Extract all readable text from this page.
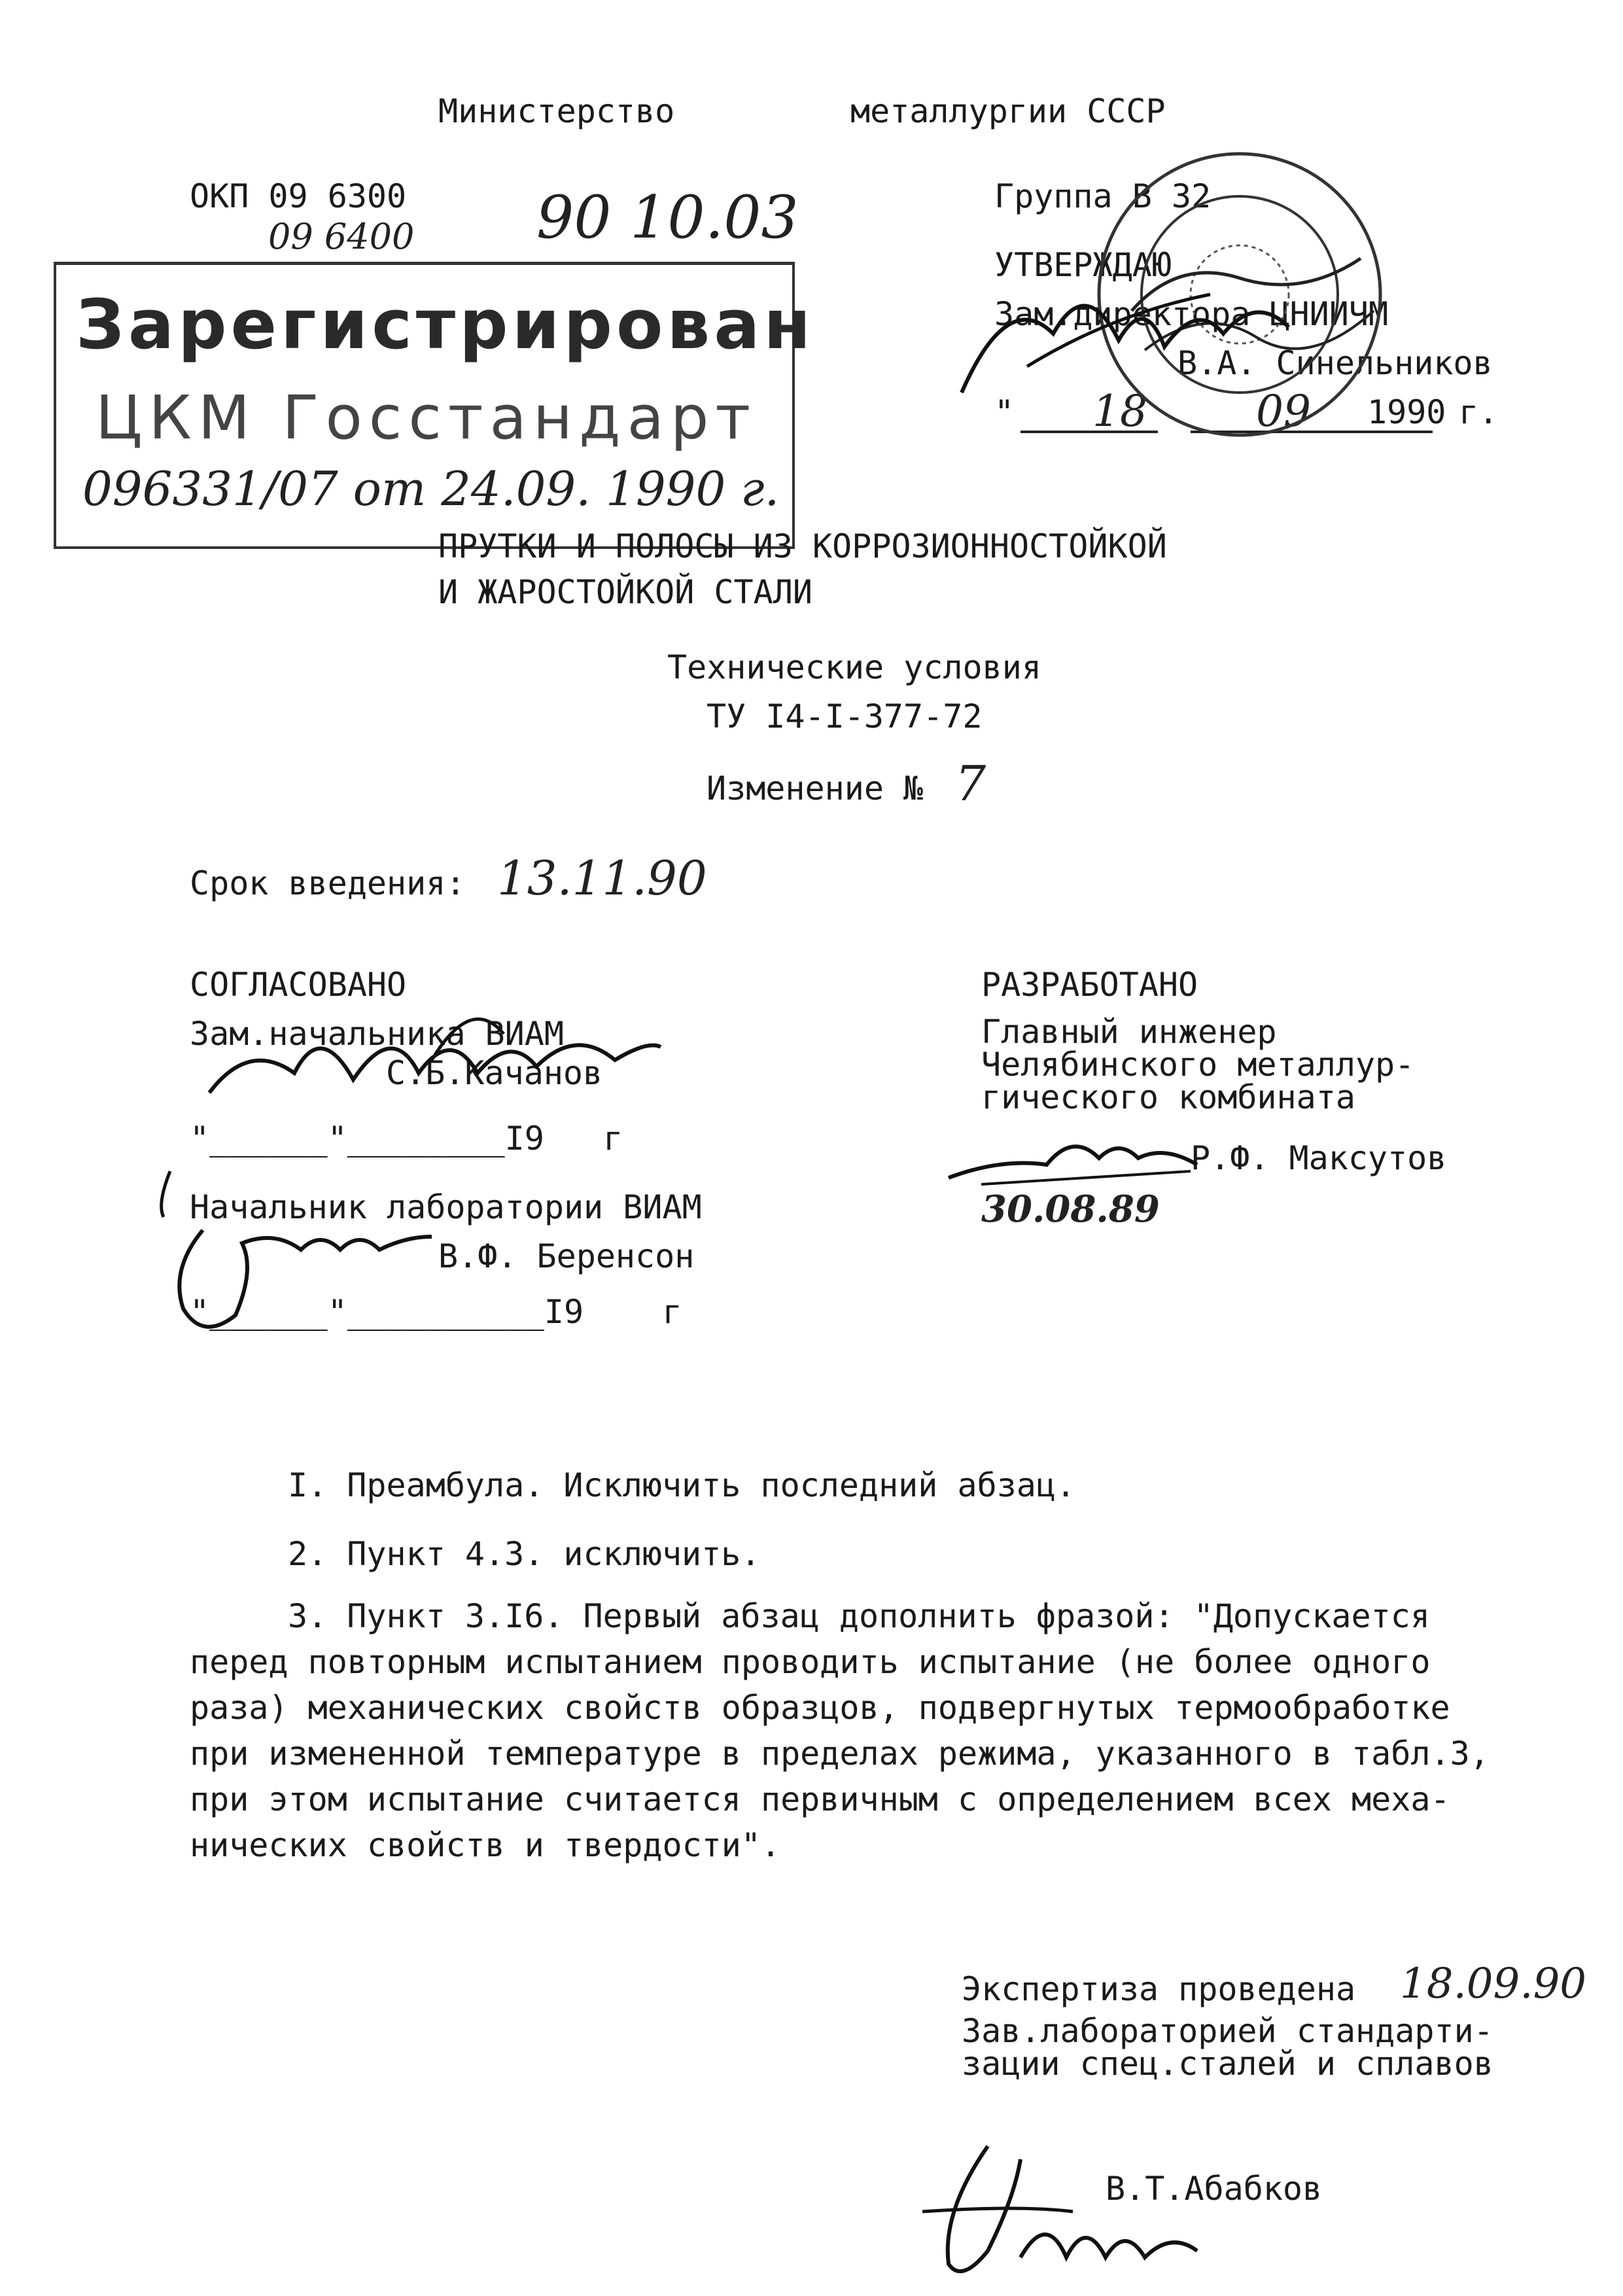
Министерство	металлургии СССР
ОКП 09 6300
09 6400 90 10.03	Группа В 32
УТВЕРЖДАЮ
Зам.директора ЦНИИЧМ
В.А. Синельников
" 18	09 1990 г.
Зарегистрирован
ЦКМ Госстандарт
096331/07 от 24.09. 1990 г.
ПРУТКИ И ПОЛОСЫ ИЗ КОРРОЗИОННОСТОЙКОЙ
И ЖАРОСТОЙКОЙ СТАЛИ
Технические условия
ТУ I4-I-377-72
Изменение № 7
Срок введения: 13.11.90
СОГЛАСОВАНО
Зам.начальника ВИАМ
С.Б.Качанов
"______"________I9   г
Начальник лаборатории ВИАМ
В.Ф. Беренсон
"______"__________I9    г
РАЗРАБОТАНО
Главный инженер
Челябинского металлур-
гического комбината
Р.Ф. Максутов
30.08.89
I. Преамбула. Исключить последний абзац.
2. Пункт 4.3. исключить.
3. Пункт 3.I6. Первый абзац дополнить фразой: "Допускается
перед повторным испытанием проводить испытание (не более одного
раза) механических свойств образцов, подвергнутых термообработке
при измененной температуре в пределах режима, указанного в табл.3,
при этом испытание считается первичным с определением всех меха-
нических свойств и твердости".
Экспертиза проведена 18.09.90
Зав.лабораторией стандарти-
зации спец.сталей и сплавов
В.Т.Абабков
